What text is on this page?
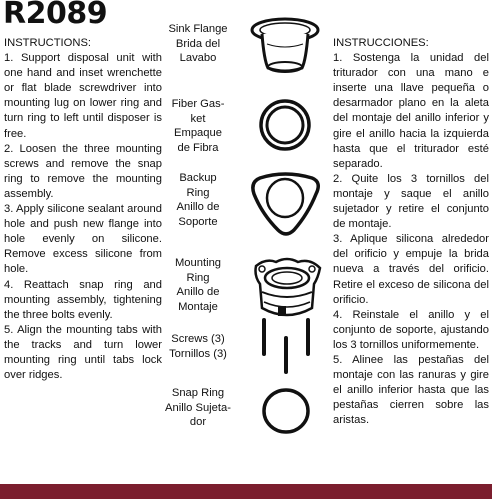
R2089
INSTRUCTIONS:

1. Support disposal unit with one hand and inset wrenchette or flat blade screwdriver into mounting lug on lower ring and turn ring to left until disposer is free.

2. Loosen the three mounting screws and remove the snap ring to remove the mounting assembly.

3. Apply silicone sealant around hole and push new flange into hole evenly on silicone. Remove excess silicone from hole.

4. Reattach snap ring and mounting assembly, tightening the three bolts evenly.

5. Align the mounting tabs with the tracks and turn lower mounting ring until tabs lock over ridges.

INSTRUCCIONES:

1. Sostenga la unidad del triturador con una mano e inserte una llave pequeña o desarmador plano en la aleta del montaje del anillo inferior y gire el anillo hacia la izquierda hasta que el triturador esté separado.

2. Quite los 3 tornillos del montaje y saque el anillo sujetador y retire el conjunto de montaje.

3. Aplique silicona alrededor del orificio y empuje la brida nueva a través del orificio. Retire el exceso de silicona del orificio.

4. Reinstale el anillo y el conjunto de soporte, ajustando los 3 tornillos uniformemente.

5. Alinee las pestañas del montaje con las ranuras y gire el anillo inferior hasta que las pestañas cierren sobre las aristas.

Sink Flange
Brida del
Lavabo
Fiber Gas-
ket
Empaque
de Fibra
Backup
Ring
Anillo de
Soporte
Mounting
Ring
Anillo de
Montaje
Screws (3)
Tornillos (3)
Snap Ring
Anillo Sujeta-
dor
